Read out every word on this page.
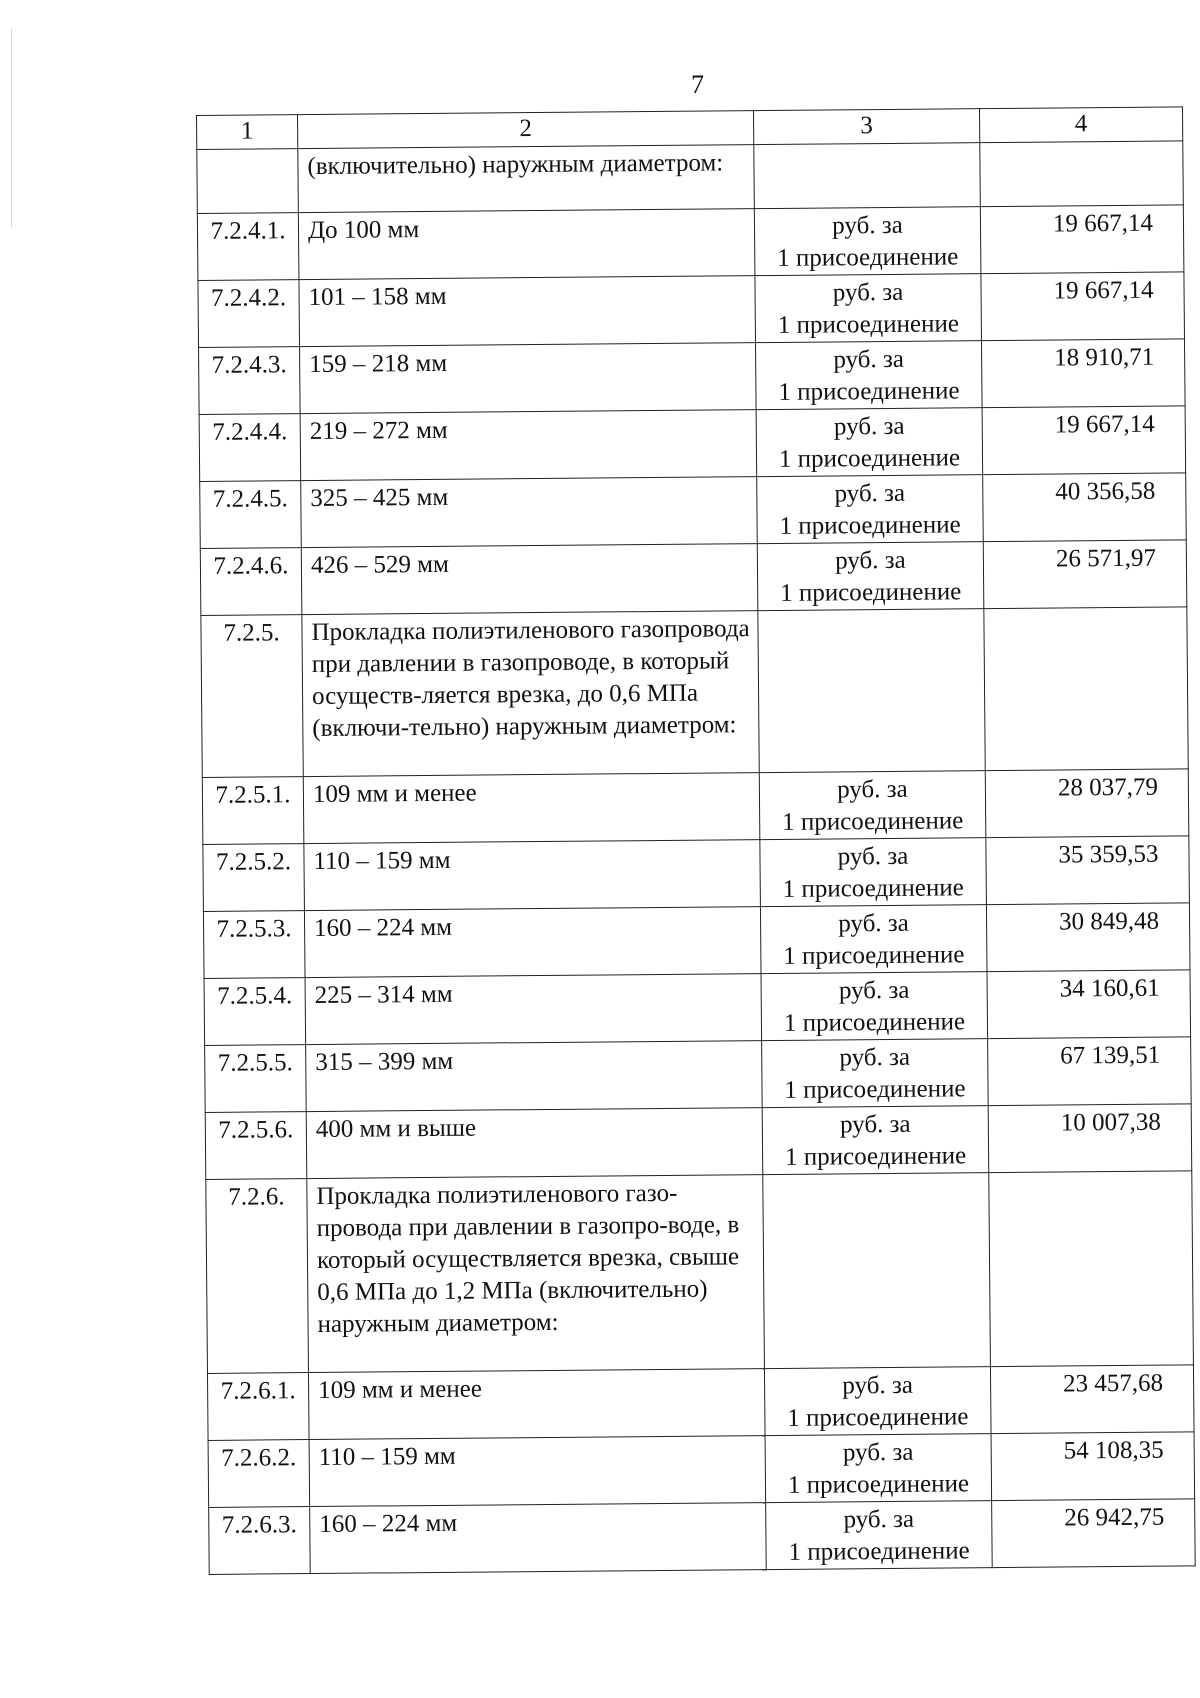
7
1	2	3	4
	(включительно) наружным диаметром:		
7.2.4.1.	До 100 мм	руб. за
1 присоединение	19 667,14
7.2.4.2.	101 – 158 мм	руб. за
1 присоединение	19 667,14
7.2.4.3.	159 – 218 мм	руб. за
1 присоединение	18 910,71
7.2.4.4.	219 – 272 мм	руб. за
1 присоединение	19 667,14
7.2.4.5.	325 – 425 мм	руб. за
1 присоединение	40 356,58
7.2.4.6.	426 – 529 мм	руб. за
1 присоединение	26 571,97
7.2.5.	Прокладка полиэтиленового газопровода при давлении в газопроводе, в который осуществ-ляется врезка, до 0,6 МПа (включи-тельно) наружным диаметром:		
7.2.5.1.	109 мм и менее	руб. за
1 присоединение	28 037,79
7.2.5.2.	110 – 159 мм	руб. за
1 присоединение	35 359,53
7.2.5.3.	160 – 224 мм	руб. за
1 присоединение	30 849,48
7.2.5.4.	225 – 314 мм	руб. за
1 присоединение	34 160,61
7.2.5.5.	315 – 399 мм	руб. за
1 присоединение	67 139,51
7.2.5.6.	400 мм и выше	руб. за
1 присоединение	10 007,38
7.2.6.	Прокладка полиэтиленового газо-провода при давлении в газопро-воде, в который осуществляется врезка, свыше 0,6 МПа до 1,2 МПа (включительно) наружным диаметром:		
7.2.6.1.	109 мм и менее	руб. за
1 присоединение	23 457,68
7.2.6.2.	110 – 159 мм	руб. за
1 присоединение	54 108,35
7.2.6.3.	160 – 224 мм	руб. за
1 присоединение	26 942,75
